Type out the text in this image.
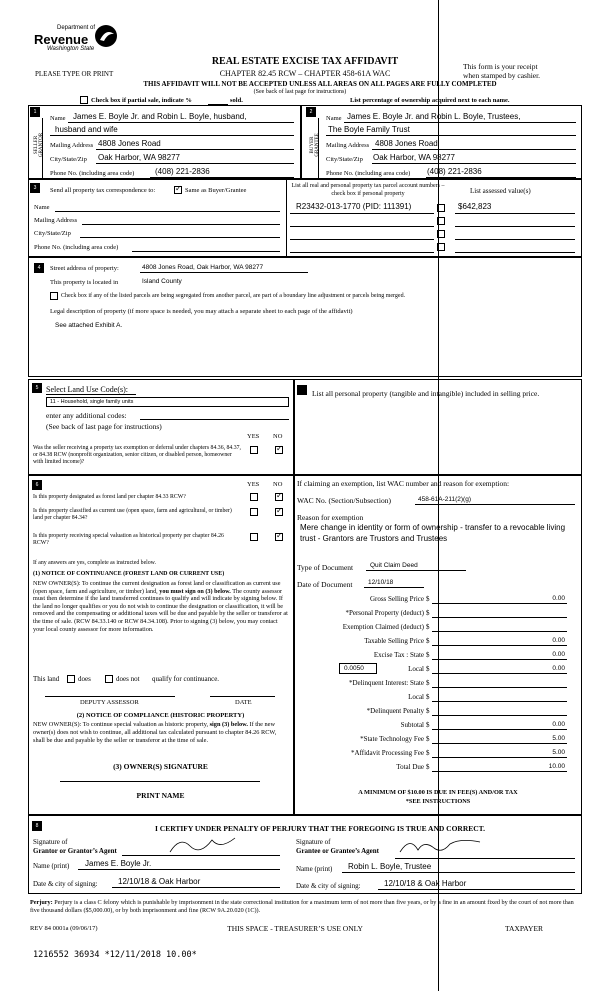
Department of
Revenue
Washington State
REAL ESTATE EXCISE TAX AFFIDAVIT
CHAPTER 82.45 RCW – CHAPTER 458-61A WAC
PLEASE TYPE OR PRINT
This form is your receipt
when stamped by cashier.
THIS AFFIDAVIT WILL NOT BE ACCEPTED UNLESS ALL AREAS ON ALL PAGES ARE FULLY COMPLETED
(See back of last page for instructions)
Check box if partial sale, indicate %	sold.	List percentage of ownership acquired next to each name.
1	2
SELLER GRANTOR	BUYER GRANTEE
Name James E. Boyle Jr. and Robin L. Boyle, husband,
husband and wife
Mailing Address 4808 Jones Road
City/State/Zip Oak Harbor, WA 98277
Phone No. (including area code)	(408) 221-2836
Name James E. Boyle Jr. and Robin L. Boyle, Trustees,
The Boyle Family Trust
Mailing Address 4808 Jones Road
City/State/Zip Oak Harbor, WA 98277
Phone No. (including area code) (408) 221-2836
3	Send all property tax correspondence to:
✓	Same as Buyer/Grantee
Name
Mailing Address
City/State/Zip
Phone No. (including area code)
List all real and personal property tax parcel account numbers – check box if personal property	List assessed value(s)
R23432-013-1770 (PID: 111391)	$642,823
4	Street address of property:	4808 Jones Road, Oak Harbor, WA 98277
This property is located in	Island County
Check box if any of the listed parcels are being segregated from another parcel, are part of a boundary line adjustment or parcels being merged.
Legal description of property (if more space is needed, you may attach a separate sheet to each page of the affidavit)
See attached Exhibit A.
5 Select Land Use Code(s):
11 - Household, single family units
enter any additional codes:
(See back of last page for instructions)
YES NO
Was the seller receiving a property tax exemption or deferral under chapters 84.36, 84.37, or 84.38 RCW (nonprofit organization, senior citizen, or disabled person, homeowner with limited income)?
✓
List all personal property (tangible and intangible) included in selling price.
6	YES NO
Is this property designated as forest land per chapter 84.33 RCW?
✓
Is this property classified as current use (open space, farm and agricultural, or timber) land per chapter 84.34?
✓
Is this property receiving special valuation as historical property per chapter 84.26 RCW?
✓
If any answers are yes, complete as instructed below.
(1) NOTICE OF CONTINUANCE (FOREST LAND OR CURRENT USE)
NEW OWNER(S): To continue the current designation as forest land or classification as current use (open space, farm and agriculture, or timber) land, you must sign on (3) below. The county assessor must then determine if the land transferred continues to qualify and will indicate by signing below. If the land no longer qualifies or you do not wish to continue the designation or classification, it will be removed and the compensating or additional taxes will be due and payable by the seller or transferor at the time of sale. (RCW 84.33.140 or RCW 84.34.108). Prior to signing (3) below, you may contact your local county assessor for more information.
This land	does	does not qualify for continuance.
DEPUTY ASSESSOR	DATE
(2) NOTICE OF COMPLIANCE (HISTORIC PROPERTY)
NEW OWNER(S): To continue special valuation as historic property, sign (3) below. If the new owner(s) does not wish to continue, all additional tax calculated pursuant to chapter 84.26 RCW, shall be due and payable by the seller or transferor at the time of sale.
(3) OWNER(S) SIGNATURE
PRINT NAME
If claiming an exemption, list WAC number and reason for exemption:
WAC No. (Section/Subsection)	458-61A-211(2)(g)
Reason for exemption
Mere change in identity or form of ownership - transfer to a revocable living trust - Grantors are Trustors and Trustees
Type of Document	Quit Claim Deed
Date of Document 12/10/18
Gross Selling Price
*Personal Property (deduct)
Exemption Claimed (deduct)
Taxable Selling Price
Excise Tax : State
0.0050	Local
*Delinquent Interest: State
Local
*Delinquent Penalty
Subtotal
*State Technology Fee
*Affidavit Processing Fee
Total Due
$
$
$
$
$
$
$
$
$
$
$
$
$
0.00
0.00
0.00
0.00
0.00
5.00
5.00
10.00
A MINIMUM OF $10.00 IS DUE IN FEE(S) AND/OR TAX
*SEE INSTRUCTIONS
8	I CERTIFY UNDER PENALTY OF PERJURY THAT THE FOREGOING IS TRUE AND CORRECT.
Signature of
Grantor or Grantor’s Agent
Name (print) James E. Boyle Jr.
Date & city of signing:	12/10/18 & Oak Harbor
Signature of
Grantee or Grantee’s Agent
Name (print) Robin L. Boyle, Trustee
Date & city of signing:	12/10/18 & Oak Harbor
Perjury: Perjury is a class C felony which is punishable by imprisonment in the state correctional institution for a maximum term of not more than five years, or by a fine in an amount fixed by the court of not more than five thousand dollars ($5,000.00), or by both imprisonment and fine (RCW 9A.20.020 (1C)).
REV 84 0001a (09/06/17)	THIS SPACE - TREASURER’S USE ONLY	TAXPAYER
1216552 36934 *12/11/2018 10.00*
